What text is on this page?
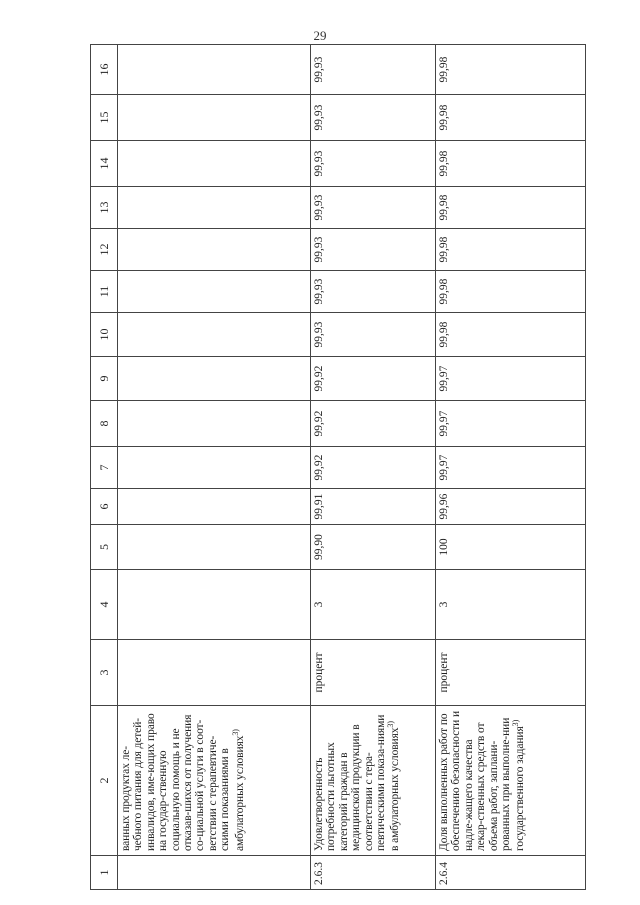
29
1	2	3	4	5	6	7	8	9	10	11	12	13	14	15	16
	ванных продуктах ле-чебного питания для детей-инвалидов, име-ющих право на государ-ственную социальную помощь и не отказав-шихся от получения со-циальной услуги в соот-ветствии с терапевтиче-скими показаниями в амбулаторных условиях$^{3)}$														
2.6.3	Удовлетворенность потребности льготных категорий граждан в медицинской продукции в соответствии с тера-певтическими показа-ниями в амбулаторных условиях$^{3)}$	процент	3	99,90	99,91	99,92	99,92	99,92	99,93	99,93	99,93	99,93	99,93	99,93	99,93
2.6.4	Доля выполненных работ по обеспечению безопасности и надле-жащего качества лекар-ственных средств от объема работ, заплани-рованных при выполне-нии государственного задания$^{3)}$	процент	3	100	99,96	99,97	99,97	99,97	99,98	99,98	99,98	99,98	99,98	99,98	99,98
